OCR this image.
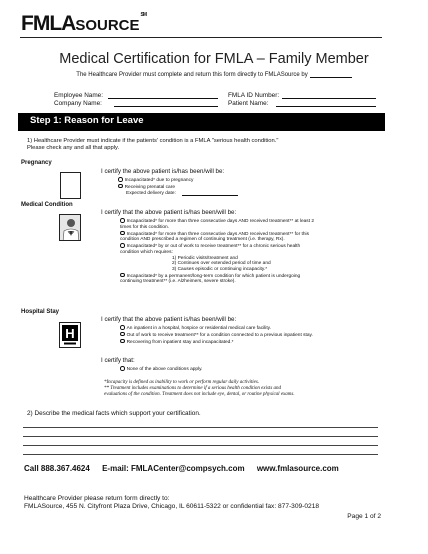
FMLASOURCE℠
Medical Certification for FMLA – Family Member
The Healthcare Provider must complete and return this form directly to FMLASource by
Employee Name:
Company Name:
FMLA ID Number:
Patient Name:
Step 1: Reason for Leave
1) Healthcare Provider must indicate if the patients' condition is a FMLA "serious health condition."
Please check any and all that apply.
Pregnancy
I certify the above patient is/has been/will be:
Incapacitated* due to pregnancy
Receiving prenatal care
Expected delivery date:
Medical Condition
I certify that the above patient is/has been/will be:
Incapacitated* for more than three consecutive days AND received treatment** at least 2
times for this condition.
Incapacitated* for more than three consecutive days AND received treatment** for this
condition AND prescribed a regimen of continuing treatment (i.e. therapy, Rx).
Incapacitated* by or out of work to receive treatment** for a chronic serious health
condition which requires:
1) Periodic visits/treatment and
2) Continues over extended period of time and
3) Causes episodic or continuing incapacity.*
Incapacitated* by a permanent/long-term condition for which patient is undergoing
continuing treatment** (i.e. Alzheimers, severe stroke).
Hospital Stay
H
I certify that the above patient is/has been/will be:
An inpatient in a hospital, hospice or residential medical care facility.
Out of work to receive treatment** for a condition connected to a previous inpatient stay.
Recovering from inpatient stay and incapacitated.*
I certify that:
None of the above conditions apply.
*Incapacity is defined as inability to work or perform regular daily activities.
** Treatment includes examinations to determine if a serious health condition exists and
evaluations of the condition. Treatment does not include eye, dental, or routine physical exams.
2) Describe the medical facts which support your certification.
Call 888.367.4624 E-mail: FMLACenter@compsych.com www.fmlasource.com
Healthcare Provider please return form directly to:
FMLASource, 455 N. Cityfront Plaza Drive, Chicago, IL 60611-5322 or confidential fax: 877-309-0218
Page 1 of 2
